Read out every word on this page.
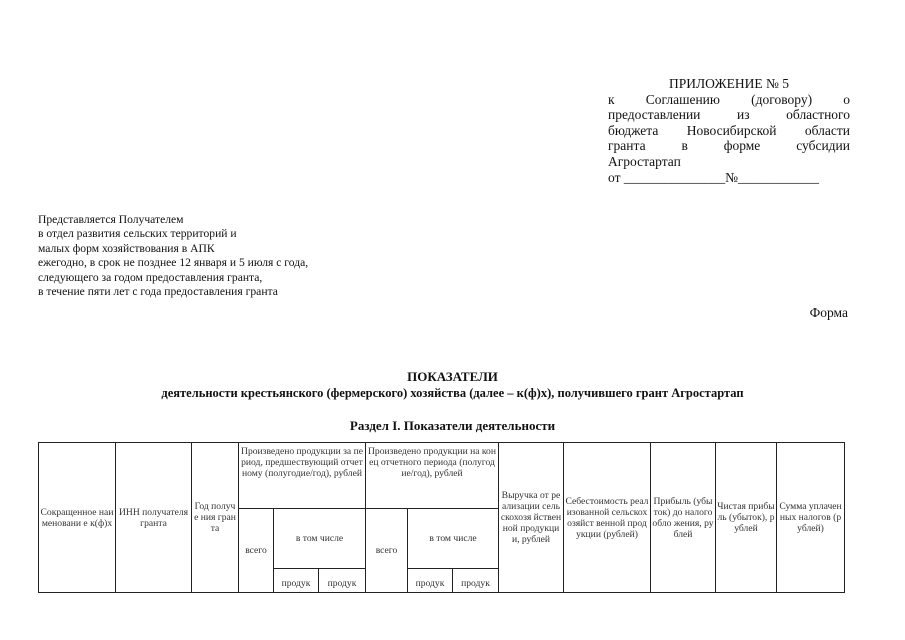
ПРИЛОЖЕНИЕ № 5
к Соглашению (договору) о
предоставлении из областного
бюджета Новосибирской области
гранта в форме субсидии
Агростартап
от _______________№____________
Представляется Получателем
в отдел развития сельских территорий и
малых форм хозяйствования в АПК
ежегодно, в срок не позднее 12 января и 5 июля с года,
следующего за годом предоставления гранта,
в течение пяти лет с года предоставления гранта
Форма
ПОКАЗАТЕЛИ
деятельности крестьянского (фермерского) хозяйства (далее – к(ф)х), получившего грант Агростартап
Раздел I. Показатели деятельности
Сокращенное наименовани е к(ф)х	ИНН получателя гранта	Год получе ния гранта	Произведено продукции за период, предшествующий отчетному (полугодие/год), рублей			Произведено продукции на конец отчетного периода (полугодие/год), рублей			Выручка от реализации сельскохозя йственной продукции, рублей	Себестоимость реализованной сельскохозяйст венной продукции (рублей)	Прибыль (убыток) до налогообло жения, рублей	Чистая прибыль (убыток), рублей	Сумма уплаченных налогов (рублей)
			всего	в том числе		всего	в том числе						
				продук	продук		продук	продук					
